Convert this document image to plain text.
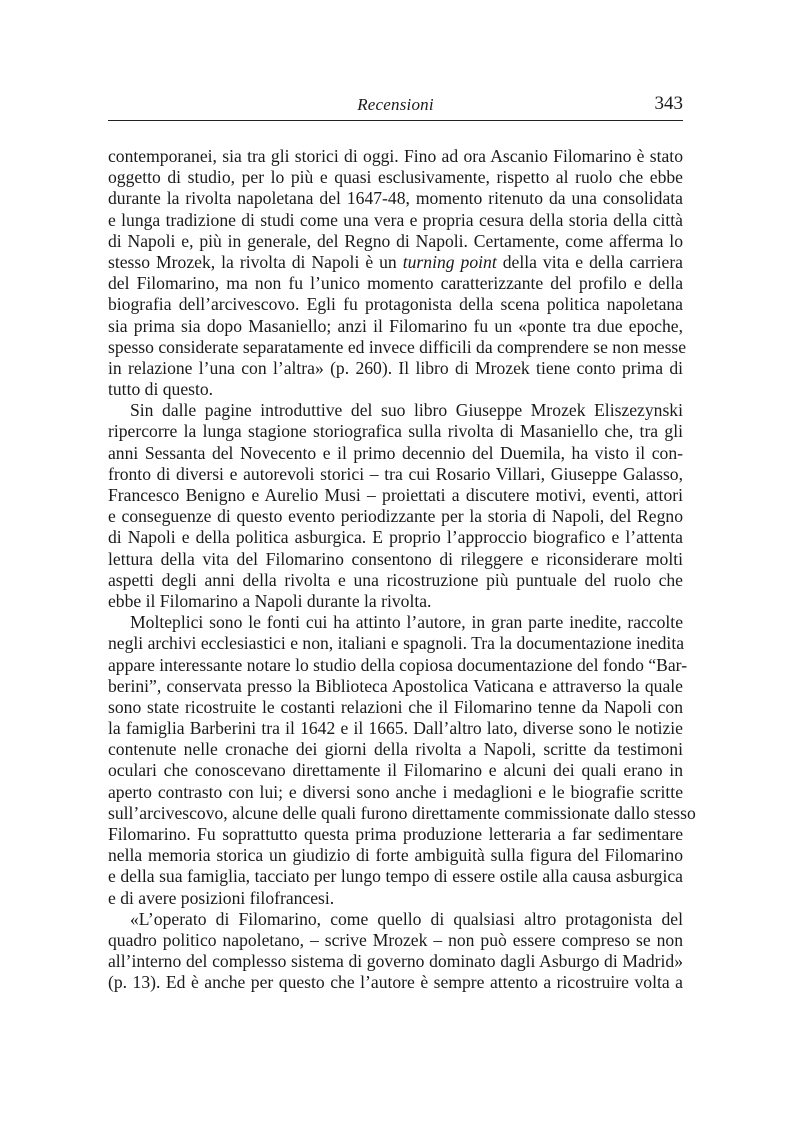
Recensioni	343
contemporanei, sia tra gli storici di oggi. Fino ad ora Ascanio Filomarino è stato
oggetto di studio, per lo più e quasi esclusivamente, rispetto al ruolo che ebbe
durante la rivolta napoletana del 1647-48, momento ritenuto da una consolidata
e lunga tradizione di studi come una vera e propria cesura della storia della città
di Napoli e, più in generale, del Regno di Napoli. Certamente, come afferma lo
stesso Mrozek, la rivolta di Napoli è un turning point della vita e della carriera
del Filomarino, ma non fu l’unico momento caratterizzante del profilo e della
biografia dell’arcivescovo. Egli fu protagonista della scena politica napoletana
sia prima sia dopo Masaniello; anzi il Filomarino fu un «ponte tra due epoche,
spesso considerate separatamente ed invece difficili da comprendere se non messe
in relazione l’una con l’altra» (p. 260). Il libro di Mrozek tiene conto prima di
tutto di questo.
Sin dalle pagine introduttive del suo libro Giuseppe Mrozek Eliszezynski
ripercorre la lunga stagione storiografica sulla rivolta di Masaniello che, tra gli
anni Sessanta del Novecento e il primo decennio del Duemila, ha visto il con-
fronto di diversi e autorevoli storici – tra cui Rosario Villari, Giuseppe Galasso,
Francesco Benigno e Aurelio Musi – proiettati a discutere motivi, eventi, attori
e conseguenze di questo evento periodizzante per la storia di Napoli, del Regno
di Napoli e della politica asburgica. E proprio l’approccio biografico e l’attenta
lettura della vita del Filomarino consentono di rileggere e riconsiderare molti
aspetti degli anni della rivolta e una ricostruzione più puntuale del ruolo che
ebbe il Filomarino a Napoli durante la rivolta.
Molteplici sono le fonti cui ha attinto l’autore, in gran parte inedite, raccolte
negli archivi ecclesiastici e non, italiani e spagnoli. Tra la documentazione inedita
appare interessante notare lo studio della copiosa documentazione del fondo “Bar-
berini”, conservata presso la Biblioteca Apostolica Vaticana e attraverso la quale
sono state ricostruite le costanti relazioni che il Filomarino tenne da Napoli con
la famiglia Barberini tra il 1642 e il 1665. Dall’altro lato, diverse sono le notizie
contenute nelle cronache dei giorni della rivolta a Napoli, scritte da testimoni
oculari che conoscevano direttamente il Filomarino e alcuni dei quali erano in
aperto contrasto con lui; e diversi sono anche i medaglioni e le biografie scritte
sull’arcivescovo, alcune delle quali furono direttamente commissionate dallo stesso
Filomarino. Fu soprattutto questa prima produzione letteraria a far sedimentare
nella memoria storica un giudizio di forte ambiguità sulla figura del Filomarino
e della sua famiglia, tacciato per lungo tempo di essere ostile alla causa asburgica
e di avere posizioni filofrancesi.
«L’operato di Filomarino, come quello di qualsiasi altro protagonista del
quadro politico napoletano, – scrive Mrozek – non può essere compreso se non
all’interno del complesso sistema di governo dominato dagli Asburgo di Madrid»
(p. 13). Ed è anche per questo che l’autore è sempre attento a ricostruire volta a
